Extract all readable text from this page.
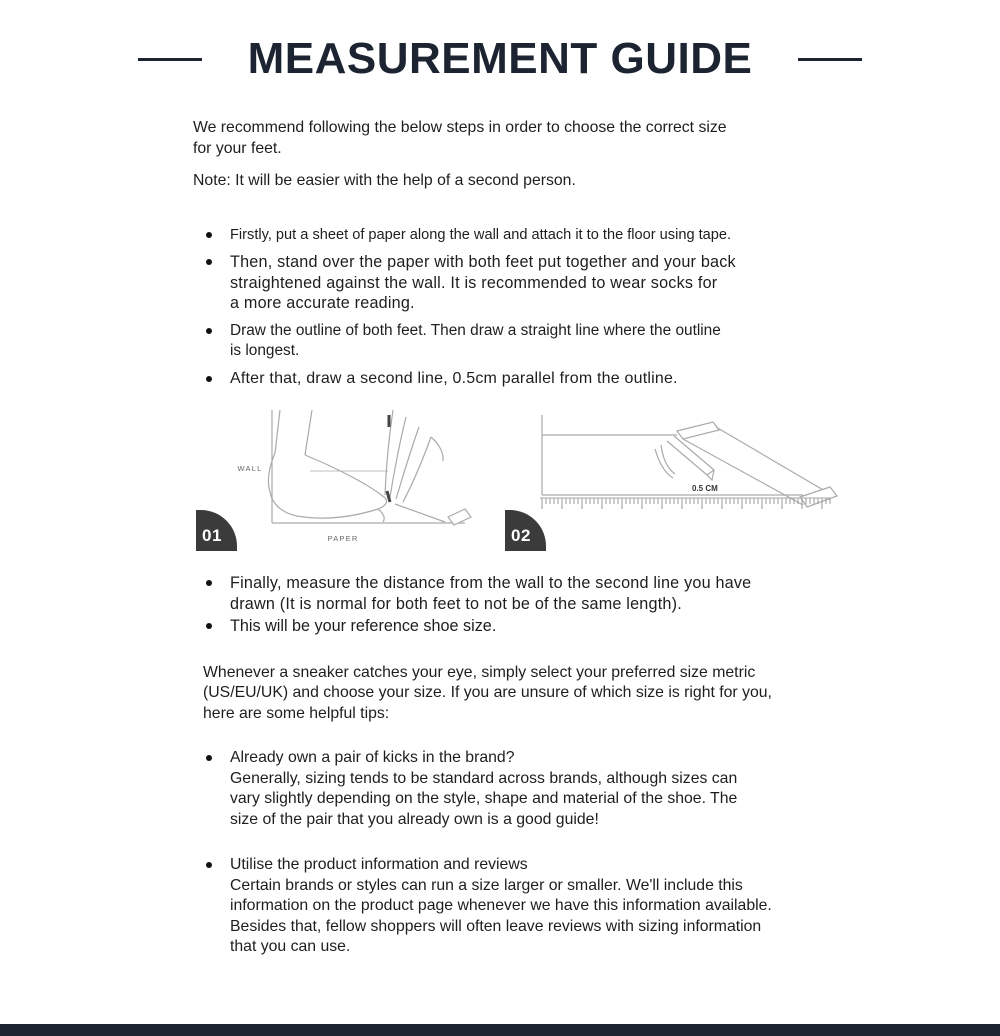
MEASUREMENT GUIDE
We recommend following the below steps in order to choose the correct size
for your feet.
Note: It will be easier with the help of a second person.
Firstly, put a sheet of paper along the wall and attach it to the floor using tape.
Then, stand over the paper with both feet put together and your back
straightened against the wall. It is recommended to wear socks for
a more accurate reading.
Draw the outline of both feet. Then draw a straight line where the outline
is longest.
After that, draw a second line, 0.5cm parallel from the outline.
WALL
PAPER
0.5 CM
01	02
Finally, measure the distance from the wall to the second line you have
drawn (It is normal for both feet to not be of the same length).
This will be your reference shoe size.
Whenever a sneaker catches your eye, simply select your preferred size metric
(US/EU/UK) and choose your size. If you are unsure of which size is right for you,
here are some helpful tips:
Already own a pair of kicks in the brand?
Generally, sizing tends to be standard across brands, although sizes can
vary slightly depending on the style, shape and material of the shoe. The
size of the pair that you already own is a good guide!
Utilise the product information and reviews
Certain brands or styles can run a size larger or smaller. We'll include this
information on the product page whenever we have this information available.
Besides that, fellow shoppers will often leave reviews with sizing information
that you can use.
